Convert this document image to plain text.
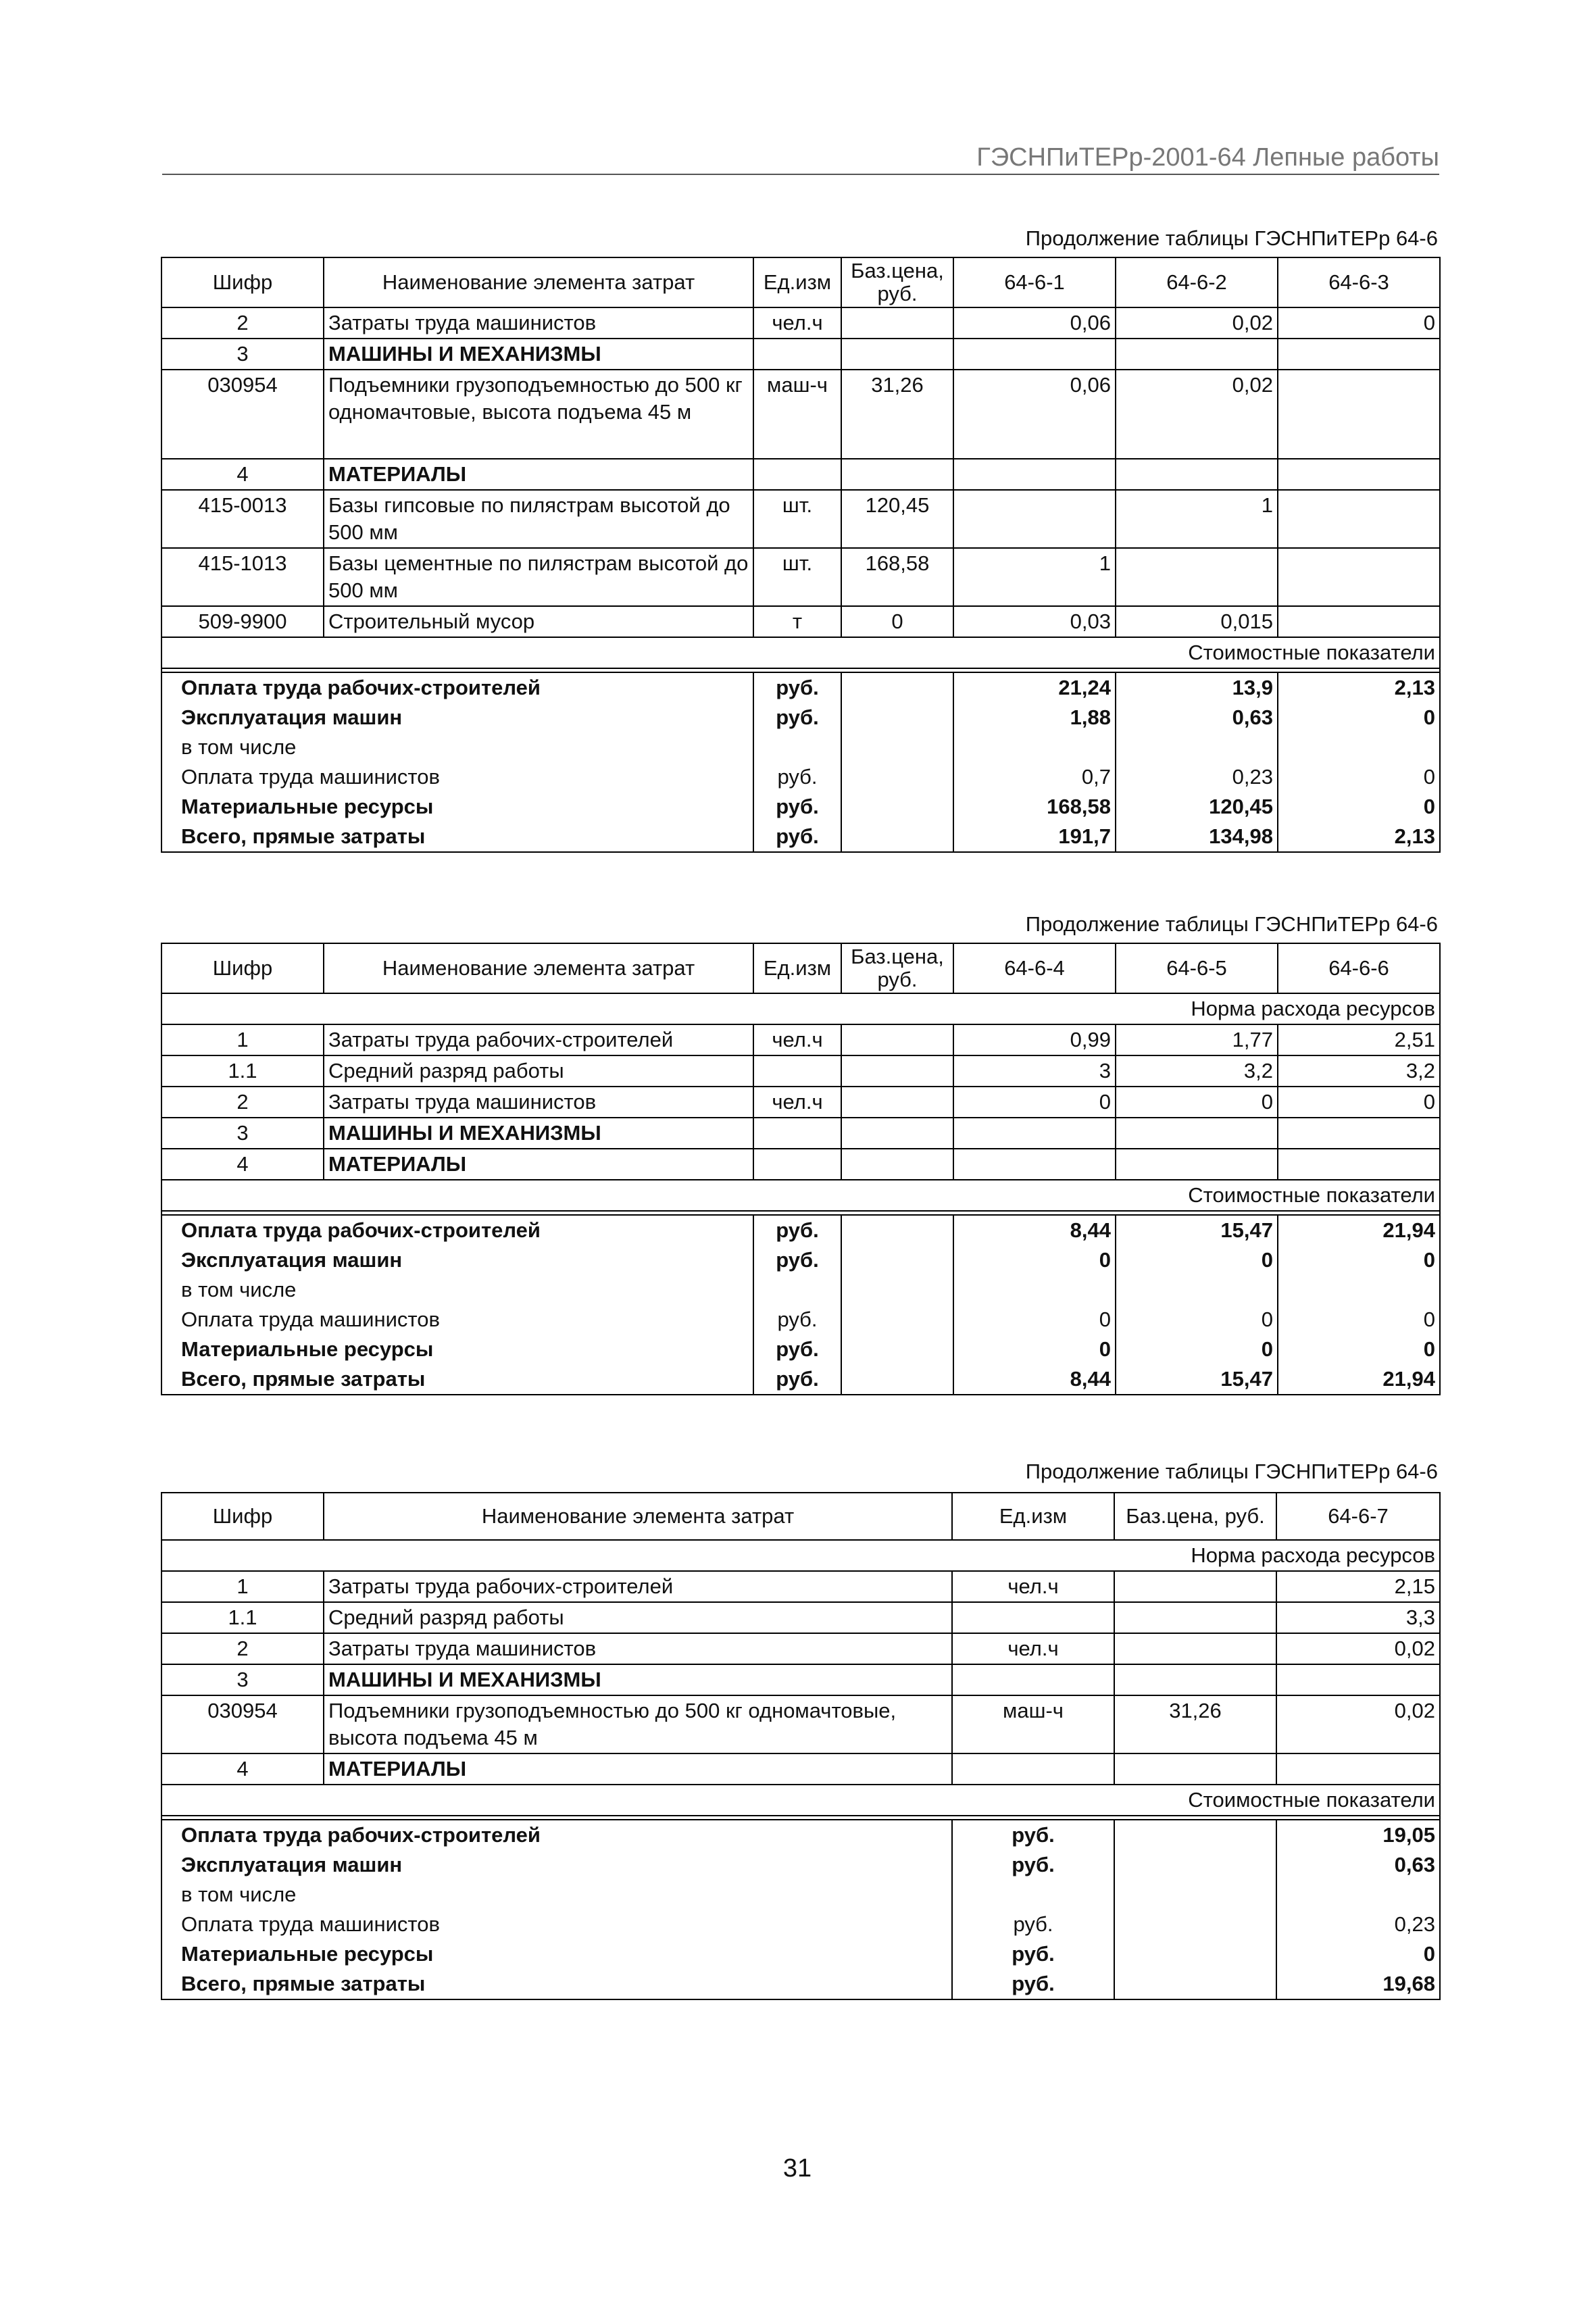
ГЭСНПиТЕРр-2001-64 Лепные работы
Продолжение таблицы ГЭСНПиТЕРр 64-6
Шифр	Наименование элемента затрат	Ед.изм	Баз.цена, руб.	64-6-1	64-6-2	64-6-3
2	Затраты труда машинистов	чел.ч		0,06	0,02	0
3	МАШИНЫ И МЕХАНИЗМЫ					
030954	Подъемники грузоподъемностью до 500 кг одномачтовые, высота подъема 45 м	маш-ч	31,26	0,06	0,02	
4	МАТЕРИАЛЫ					
415-0013	Базы гипсовые по пилястрам высотой до 500 мм	шт.	120,45		1	
415-1013	Базы цементные по пилястрам высотой до 500 мм	шт.	168,58	1		
509-9900	Строительный мусор	т	0	0,03	0,015	
Стоимостные показатели						

Оплата труда рабочих-строителей		руб.		21,24	13,9	2,13
Эксплуатация машин		руб.		1,88	0,63	0
в том числе						
Оплата труда машинистов		руб.		0,7	0,23	0
Материальные ресурсы		руб.		168,58	120,45	0
Всего, прямые затраты		руб.		191,7	134,98	2,13
Продолжение таблицы ГЭСНПиТЕРр 64-6
Шифр	Наименование элемента затрат	Ед.изм	Баз.цена, руб.	64-6-4	64-6-5	64-6-6
Норма расхода ресурсов						
1	Затраты труда рабочих-строителей	чел.ч		0,99	1,77	2,51
1.1	Средний разряд работы			3	3,2	3,2
2	Затраты труда машинистов	чел.ч		0	0	0
3	МАШИНЫ И МЕХАНИЗМЫ					
4	МАТЕРИАЛЫ					
Стоимостные показатели						

Оплата труда рабочих-строителей		руб.		8,44	15,47	21,94
Эксплуатация машин		руб.		0	0	0
в том числе						
Оплата труда машинистов		руб.		0	0	0
Материальные ресурсы		руб.		0	0	0
Всего, прямые затраты		руб.		8,44	15,47	21,94
Продолжение таблицы ГЭСНПиТЕРр 64-6
Шифр	Наименование элемента затрат	Ед.изм	Баз.цена, руб.	64-6-7
Норма расхода ресурсов				
1	Затраты труда рабочих-строителей	чел.ч		2,15
1.1	Средний разряд работы			3,3
2	Затраты труда машинистов	чел.ч		0,02
3	МАШИНЫ И МЕХАНИЗМЫ			
030954	Подъемники грузоподъемностью до 500 кг одномачтовые, высота подъема 45 м	маш-ч	31,26	0,02
4	МАТЕРИАЛЫ			
Стоимостные показатели				

Оплата труда рабочих-строителей		руб.		19,05
Эксплуатация машин		руб.		0,63
в том числе				
Оплата труда машинистов		руб.		0,23
Материальные ресурсы		руб.		0
Всего, прямые затраты		руб.		19,68
31
